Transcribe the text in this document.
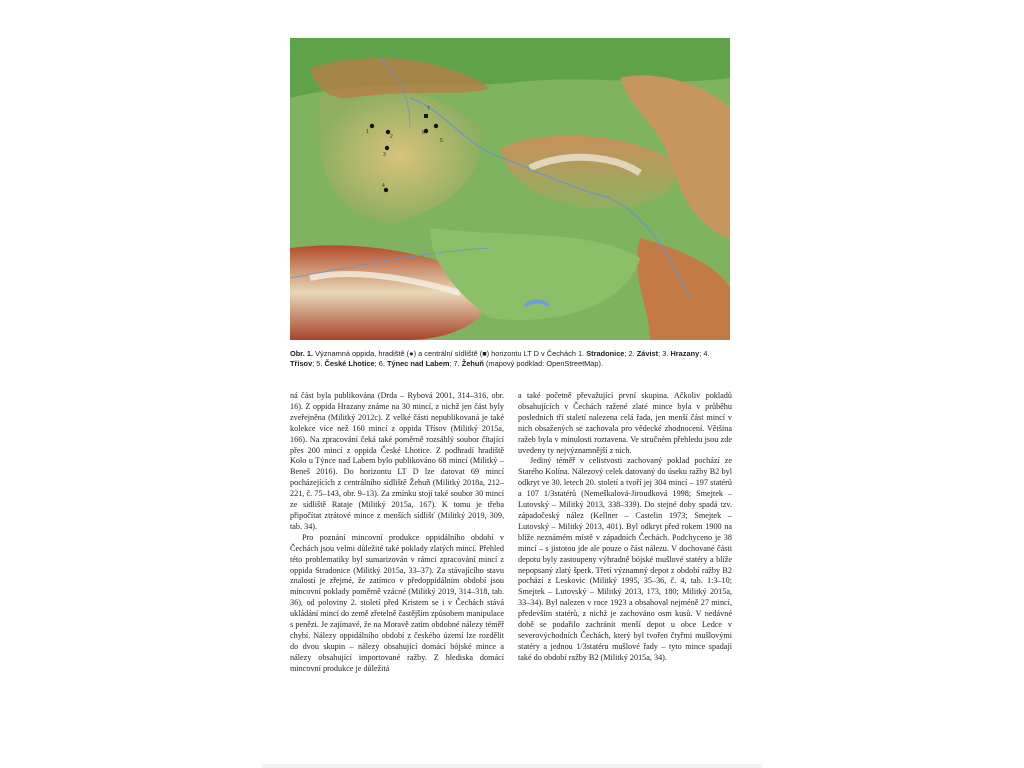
1
2
3
4
5
6
7
Obr. 1. Významná oppida, hradiště (●) a centrální sídliště (■) horizontu LT D v Čechách 1. Stradonice; 2. Závist; 3. Hrazany; 4. Třísov; 5. České Lhotice; 6. Týnec nad Labem; 7. Žehuň (mapový podklad: OpenStreetMap).

ná část byla publikována (Drda – Rybová 2001, 314–316, obr. 16). Z oppida Hrazany známe na 30 mincí, z nichž jen část byly zveřejněna (Militký 2012c). Z velké části nepublikovaná je také kolekce více než 160 mincí z oppida Třísov (Militký 2015a, 166). Na zpracování čeká také poměrně rozsáhlý soubor čítající přes 200 mincí z oppida České Lhotice. Z podhradí hradiště Kolo u Týnce nad Labem bylo publikováno 68 mincí (Militký – Beneš 2016). Do horizontu LT D lze datovat 69 mincí pocházejících z centrálního sídliště Žehuň (Militký 2018a, 212–221, č. 75–143, obr. 9–13). Za zmínku stojí také soubor 30 mincí ze sídliště Rataje (Militký 2015a, 167). K tomu je třeba připočítat ztrátové mince z menších sídlišť (Militký 2019, 309, tab. 34).

Pro poznání mincovní produkce oppidálního období v Čechách jsou velmi důležité také poklady zlatých mincí. Přehled této problematiky byl sumarizován v rámci zpracování mincí z oppida Stradonice (Militký 2015a, 33–37). Za stávajícího stavu znalostí je zřejmé, že zatímco v předoppidálním období jsou mincovní poklady poměrně vzácné (Militký 2019, 314–318, tab. 36), od poloviny 2. století před Kristem se i v Čechách stává ukládání mincí do země zřetelně častějším způsobem manipulace s penězi. Je zajímavé, že na Moravě zatím obdobné nálezy téměř chybí. Nálezy oppidálního období z českého území lze rozdělit do dvou skupin – nálezy obsahující domácí bójské mince a nálezy obsahující importované ražby. Z hlediska domácí mincovní produkce je důležitá

a také početně převažující první skupina. Ačkoliv pokladů obsahujících v Čechách ražené zlaté mince byla v průběhu posledních tří staletí nalezena celá řada, jen menší část mincí v nich obsažených se zachovala pro vědecké zhodnocení. Většina ražeb byla v minulosti roztavena. Ve stručném přehledu jsou zde uvedeny ty nejvýznamnější z nich.

Jediný téměř v celistvosti zachovaný poklad pochází ze Starého Kolína. Nálezový celek datovaný do úseku ražby B2 byl odkryt ve 30. letech 20. století a tvoří jej 304 mincí – 197 statérů a 107 1/3statérů (Nemeškalová-Jiroudková 1998; Smejtek – Lutovský – Militký 2013, 338–339). Do stejné doby spadá tzv. západočeský nález (Kellner – Castelin 1973; Smejtek – Lutovský – Militký 2013, 401). Byl odkryt před rokem 1900 na blíže neznámém místě v západních Čechách. Podchyceno je 38 mincí – s jistotou jde ale pouze o část nálezu. V dochované části depotu byly zastoupeny výhradně bójské mušlové statéry a blíže nepopsaný zlatý šperk. Třetí významný depot z období ražby B2 pochází z Leskovic (Militký 1995, 35–36, č. 4, tab. 1:3–10; Smejtek – Lutovský – Militký 2013, 173, 180; Militký 2015a, 33–34). Byl nalezen v roce 1923 a obsahoval nejméně 27 mincí, především statérů, z nichž je zachováno osm kusů. V nedávné době se podařilo zachránit menší depot u obce Ledce v severovýchodních Čechách, který byl tvořen čtyřmi mušlovými statéry a jednou 1/3statéru mušlové řady – tyto mince spadají také do období ražby B2 (Militký 2015a, 34).
